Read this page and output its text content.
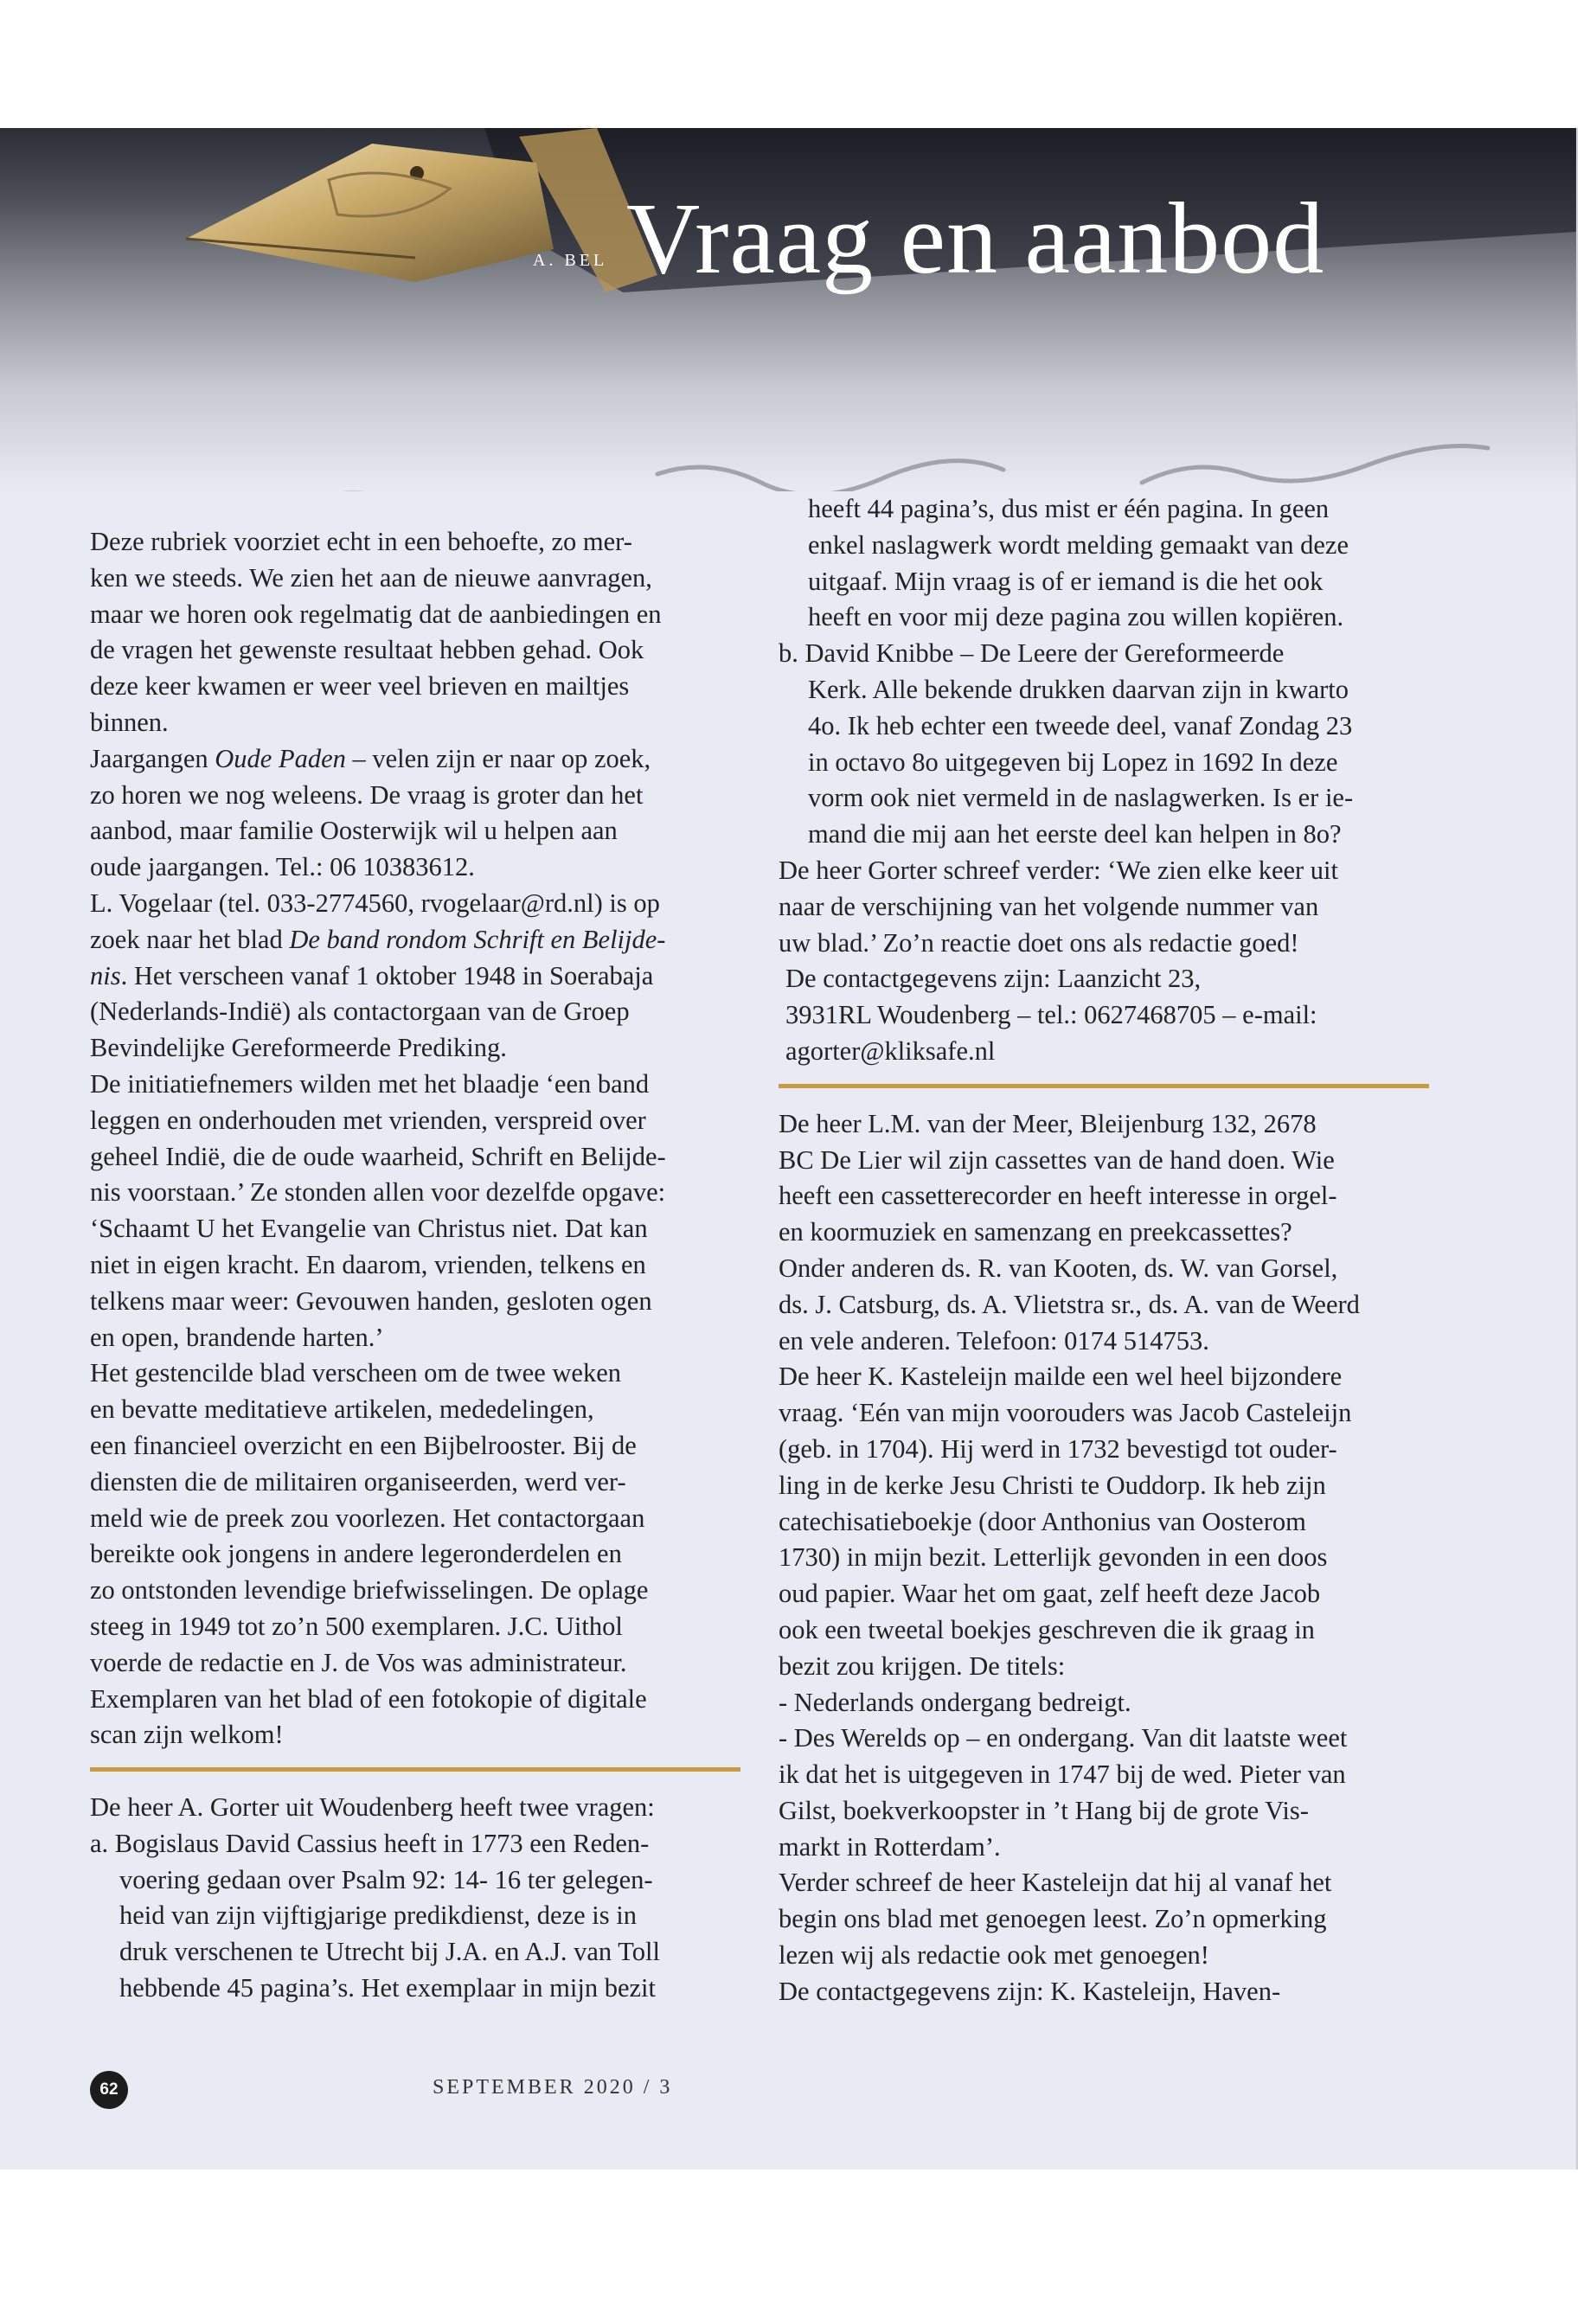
A. BEL Vraag en aanbod
Deze rubriek voorziet echt in een behoefte, zo mer-
ken we steeds. We zien het aan de nieuwe aanvragen,
maar we horen ook regelmatig dat de aanbiedingen en
de vragen het gewenste resultaat hebben gehad. Ook
deze keer kwamen er weer veel brieven en mailtjes
binnen.
Jaargangen Oude Paden – velen zijn er naar op zoek,
zo horen we nog weleens. De vraag is groter dan het
aanbod, maar familie Oosterwijk wil u helpen aan
oude jaargangen. Tel.: 06 10383612.
L. Vogelaar (tel. 033-2774560, rvogelaar@rd.nl) is op
zoek naar het blad De band rondom Schrift en Belijde-
nis. Het verscheen vanaf 1 oktober 1948 in Soerabaja
(Nederlands-Indië) als contactorgaan van de Groep
Bevindelijke Gereformeerde Prediking.
De initiatiefnemers wilden met het blaadje ‘een band
leggen en onderhouden met vrienden, verspreid over
geheel Indië, die de oude waarheid, Schrift en Belijde-
nis voorstaan.’ Ze stonden allen voor dezelfde opgave:
‘Schaamt U het Evangelie van Christus niet. Dat kan
niet in eigen kracht. En daarom, vrienden, telkens en
telkens maar weer: Gevouwen handen, gesloten ogen
en open, brandende harten.’
Het gestencilde blad verscheen om de twee weken
en bevatte meditatieve artikelen, mededelingen,
een financieel overzicht en een Bijbelrooster. Bij de
diensten die de militairen organiseerden, werd ver-
meld wie de preek zou voorlezen. Het contactorgaan
bereikte ook jongens in andere legeronderdelen en
zo ontstonden levendige briefwisselingen. De oplage
steeg in 1949 tot zo’n 500 exemplaren. J.C. Uithol
voerde de redactie en J. de Vos was administrateur.
Exemplaren van het blad of een fotokopie of digitale
scan zijn welkom!
De heer A. Gorter uit Woudenberg heeft twee vragen:
a. Bogislaus David Cassius heeft in 1773 een Reden-
voering gedaan over Psalm 92: 14- 16 ter gelegen-
heid van zijn vijftigjarige predikdienst, deze is in
druk verschenen te Utrecht bij J.A. en A.J. van Toll
hebbende 45 pagina’s. Het exemplaar in mijn bezit
heeft 44 pagina’s, dus mist er één pagina. In geen
enkel naslagwerk wordt melding gemaakt van deze
uitgaaf. Mijn vraag is of er iemand is die het ook
heeft en voor mij deze pagina zou willen kopiëren.
b. David Knibbe – De Leere der Gereformeerde
Kerk. Alle bekende drukken daarvan zijn in kwarto
4o. Ik heb echter een tweede deel, vanaf Zondag 23
in octavo 8o uitgegeven bij Lopez in 1692 In deze
vorm ook niet vermeld in de naslagwerken. Is er ie-
mand die mij aan het eerste deel kan helpen in 8o?
De heer Gorter schreef verder: ‘We zien elke keer uit
naar de verschijning van het volgende nummer van
uw blad.’ Zo’n reactie doet ons als redactie goed!
De contactgegevens zijn: Laanzicht 23,
3931RL Woudenberg – tel.: 0627468705 – e-mail:
agorter@kliksafe.nl
De heer L.M. van der Meer, Bleijenburg 132, 2678
BC De Lier wil zijn cassettes van de hand doen. Wie
heeft een cassetterecorder en heeft interesse in orgel-
en koormuziek en samenzang en preekcassettes?
Onder anderen ds. R. van Kooten, ds. W. van Gorsel,
ds. J. Catsburg, ds. A. Vlietstra sr., ds. A. van de Weerd
en vele anderen. Telefoon: 0174 514753.
De heer K. Kasteleijn mailde een wel heel bijzondere
vraag. ‘Eén van mijn voorouders was Jacob Casteleijn
(geb. in 1704). Hij werd in 1732 bevestigd tot ouder-
ling in de kerke Jesu Christi te Ouddorp. Ik heb zijn
catechisatieboekje (door Anthonius van Oosterom
1730) in mijn bezit. Letterlijk gevonden in een doos
oud papier. Waar het om gaat, zelf heeft deze Jacob
ook een tweetal boekjes geschreven die ik graag in
bezit zou krijgen. De titels:
- Nederlands ondergang bedreigt.
- Des Werelds op – en ondergang. Van dit laatste weet
ik dat het is uitgegeven in 1747 bij de wed. Pieter van
Gilst, boekverkoopster in ’t Hang bij de grote Vis-
markt in Rotterdam’.
Verder schreef de heer Kasteleijn dat hij al vanaf het
begin ons blad met genoegen leest. Zo’n opmerking
lezen wij als redactie ook met genoegen!
De contactgegevens zijn: K. Kasteleijn, Haven-
62	SEPTEMBER 2020 / 3
